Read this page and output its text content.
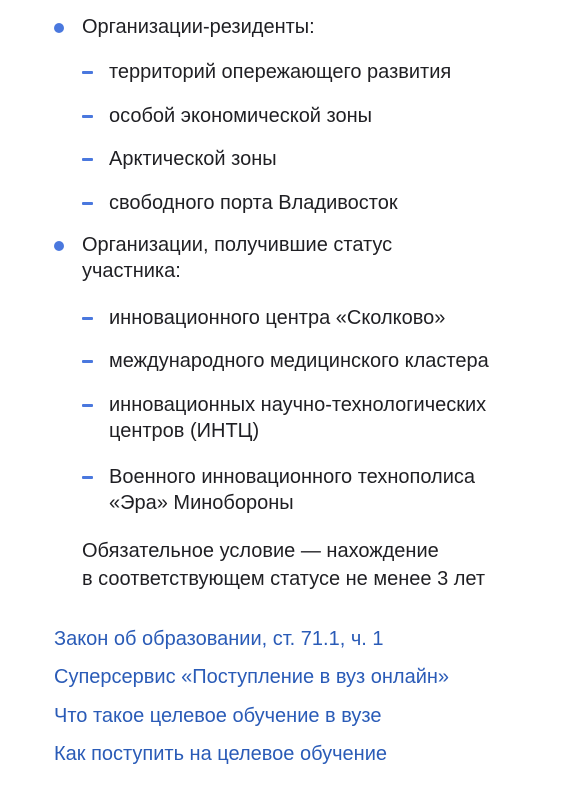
Организации-резиденты:
территорий опережающего развития
особой экономической зоны
Арктической зоны
свободного порта Владивосток
Организации, получившие статус
участника:
инновационного центра «Сколково»
международного медицинского кластера
инновационных научно-технологических
центров (ИНТЦ)
Военного инновационного технополиса
«Эра» Минобороны
Обязательное условие — нахождение
в соответствующем статусе не менее 3 лет
Закон об образовании, ст. 71.1, ч. 1
Суперсервис «Поступление в вуз онлайн»
Что такое целевое обучение в вузе
Как поступить на целевое обучение
